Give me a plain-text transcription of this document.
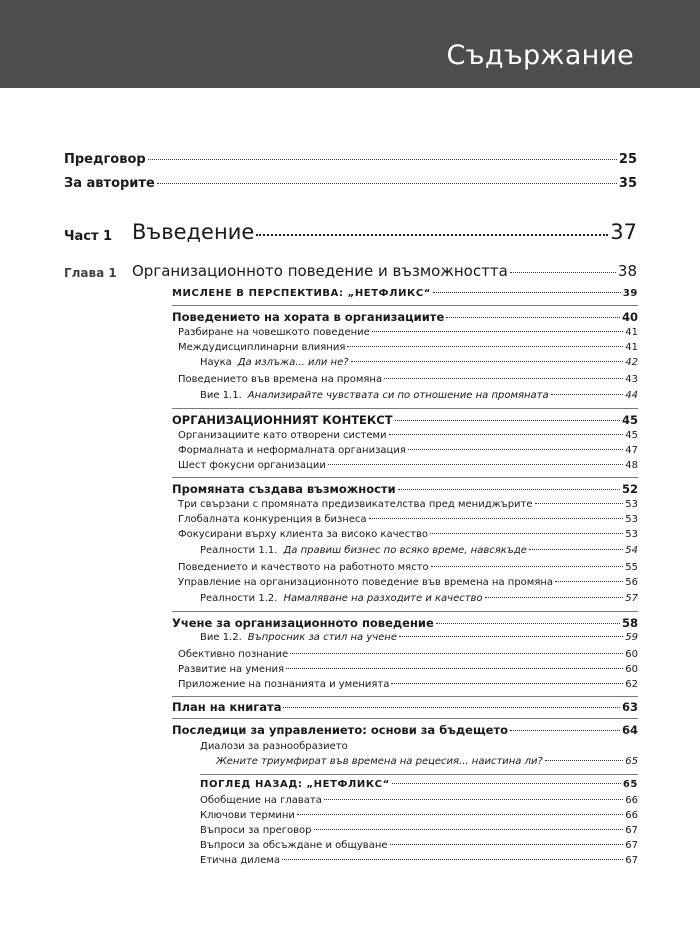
Съдържание
Предговор	25
За авторите	35
Част 1 Въведение	37
Глава 1 Организационното поведение и възможността	38
МИСЛЕНЕ В ПЕРСПЕКТИВА: „НЕТФЛИКС“	39
Поведението на хората в организациите	40
Разбиране на човешкото поведение	41
Междудисциплинарни влияния	41
Наука Да излъжа... или не?	42
Поведението във времена на промяна	43
Вие 1.1. Анализирайте чувствата си по отношение на промяната	44
ОРГАНИЗАЦИОННИЯТ КОНТЕКСТ	45
Организациите като отворени системи	45
Формалната и неформалната организация	47
Шест фокусни организации	48
Промяната създава възможности	52
Три свързани с промяната предизвикателства пред мениджърите	53
Глобалната конкуренция в бизнеса	53
Фокусирани върху клиента за високо качество	53
Реалности 1.1. Да правиш бизнес по всяко време, навсякъде	54
Поведението и качеството на работното място	55
Управление на организационното поведение във времена на промяна	56
Реалности 1.2. Намаляване на разходите и качество	57
Учене за организационното поведение	58
Вие 1.2. Въпросник за стил на учене	59
Обективно познание	60
Развитие на умения	60
Приложение на познанията и уменията	62
План на книгата	63
Последици за управлението: основи за бъдещето	64
Диалози за разнообразието
Жените триумфират във времена на рецесия... наистина ли?	65
ПОГЛЕД НАЗАД: „НЕТФЛИКС“	65
Обобщение на главата	66
Ключови термини	66
Въпроси за преговор	67
Въпроси за обсъждане и общуване	67
Етична дилема	67
